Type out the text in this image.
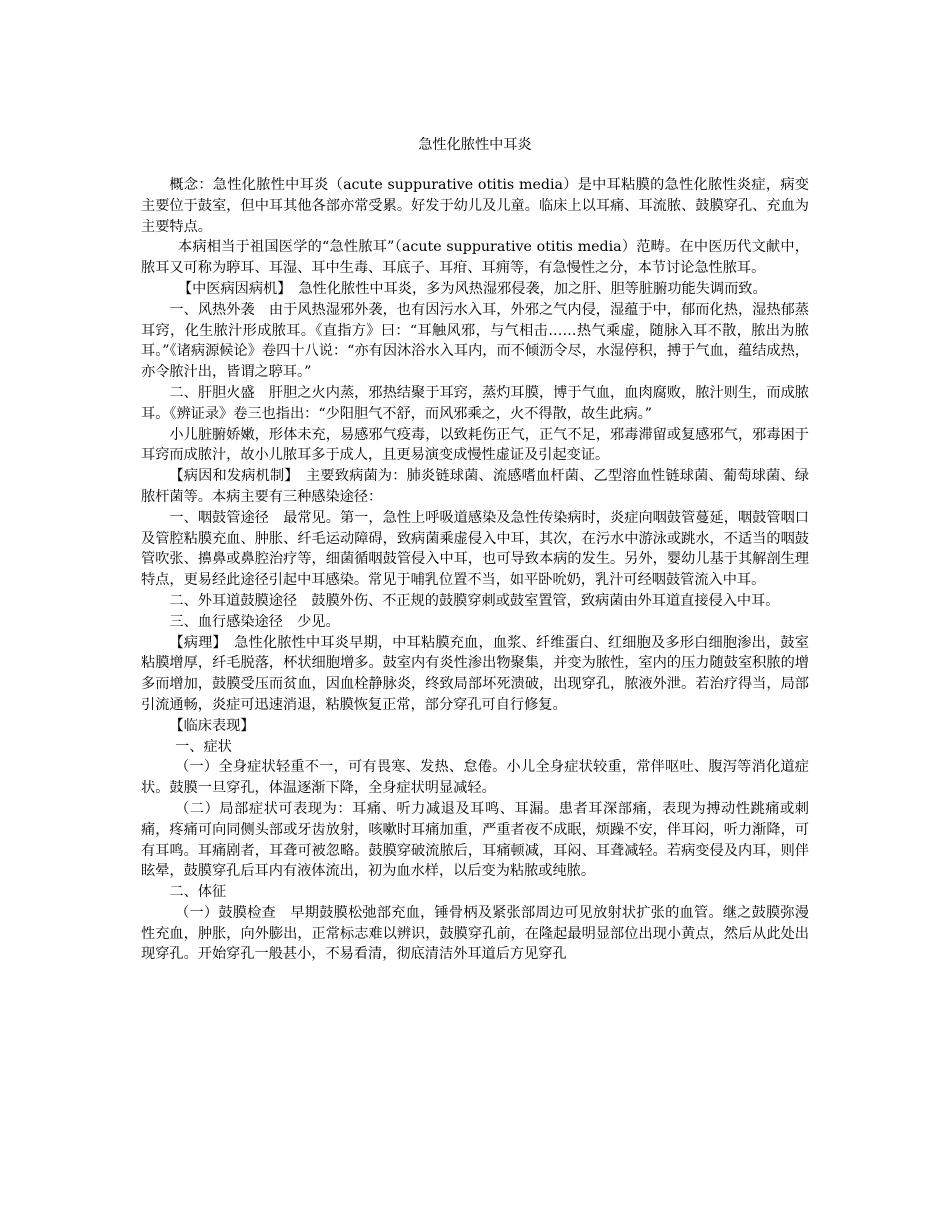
急性化脓性中耳炎

概念：急性化脓性中耳炎（acute suppurative otitis media）是中耳粘膜的急性化脓性炎症，病变主要位于鼓室，但中耳其他各部亦常受累。好发于幼儿及儿童。临床上以耳痛、耳流脓、鼓膜穿孔、充血为主要特点。

本病相当于祖国医学的“急性脓耳”（acute suppurative otitis media）范畴。在中医历代文献中，脓耳又可称为聤耳、耳湿、耳中生毒、耳底子、耳疳、耳痈等，有急慢性之分，本节讨论急性脓耳。

【中医病因病机】　急性化脓性中耳炎，多为风热湿邪侵袭，加之肝、胆等脏腑功能失调而致。

一、风热外袭　由于风热湿邪外袭，也有因污水入耳，外邪之气内侵，湿蕴于中，郁而化热，湿热郁蒸耳窍，化生脓汁形成脓耳。《直指方》曰：“耳触风邪，与气相击……热气乘虚，随脉入耳不散，脓出为脓耳。”《诸病源候论》卷四十八说：“亦有因沐浴水入耳内，而不倾沥令尽，水湿停积，搏于气血，蕴结成热，亦令脓汁出，皆谓之聤耳。”

二、肝胆火盛　肝胆之火内蒸，邪热结聚于耳窍，蒸灼耳膜，博于气血，血肉腐败，脓汁则生，而成脓耳。《辨证录》卷三也指出：“少阳胆气不舒，而风邪乘之，火不得散，故生此病。”

小儿脏腑娇嫩，形体未充，易感邪气疫毒，以致耗伤正气，正气不足，邪毒滞留或复感邪气，邪毒困于耳窍而成脓汁，故小儿脓耳多于成人，且更易演变成慢性虚证及引起变证。

【病因和发病机制】　主要致病菌为：肺炎链球菌、流感嗜血杆菌、乙型溶血性链球菌、葡萄球菌、绿脓杆菌等。本病主要有三种感染途径：

一、咽鼓管途径　最常见。第一，急性上呼吸道感染及急性传染病时，炎症向咽鼓管蔓延，咽鼓管咽口及管腔粘膜充血、肿胀、纤毛运动障碍，致病菌乘虚侵入中耳，其次，在污水中游泳或跳水，不适当的咽鼓管吹张、擤鼻或鼻腔治疗等，细菌循咽鼓管侵入中耳，也可导致本病的发生。另外，婴幼儿基于其解剖生理特点，更易经此途径引起中耳感染。常见于哺乳位置不当，如平卧吮奶，乳汁可经咽鼓管流入中耳。

二、外耳道鼓膜途径　鼓膜外伤、不正规的鼓膜穿刺或鼓室置管，致病菌由外耳道直接侵入中耳。

三、血行感染途径　少见。

【病理】　急性化脓性中耳炎早期，中耳粘膜充血，血浆、纤维蛋白、红细胞及多形白细胞渗出，鼓室粘膜增厚，纤毛脱落，杯状细胞增多。鼓室内有炎性渗出物聚集，并变为脓性，室内的压力随鼓室积脓的增多而增加，鼓膜受压而贫血，因血栓静脉炎，终致局部坏死溃破，出现穿孔，脓液外泄。若治疗得当，局部引流通畅，炎症可迅速消退，粘膜恢复正常，部分穿孔可自行修复。

【临床表现】

一、症状

（一）全身症状轻重不一，可有畏寒、发热、怠倦。小儿全身症状较重，常伴呕吐、腹泻等消化道症状。鼓膜一旦穿孔，体温逐渐下降，全身症状明显减轻。

（二）局部症状可表现为：耳痛、听力减退及耳鸣、耳漏。患者耳深部痛，表现为搏动性跳痛或刺痛，疼痛可向同侧头部或牙齿放射，咳嗽时耳痛加重，严重者夜不成眠，烦躁不安，伴耳闷，听力渐降，可有耳鸣。耳痛剧者，耳聋可被忽略。鼓膜穿破流脓后，耳痛顿减，耳闷、耳聋减轻。若病变侵及内耳，则伴眩晕，鼓膜穿孔后耳内有液体流出，初为血水样，以后变为粘脓或纯脓。

二、体征

（一）鼓膜检查　早期鼓膜松弛部充血，锤骨柄及紧张部周边可见放射状扩张的血管。继之鼓膜弥漫性充血，肿胀，向外膨出，正常标志难以辨识，鼓膜穿孔前，在隆起最明显部位出现小黄点，然后从此处出现穿孔。开始穿孔一般甚小，不易看清，彻底清洁外耳道后方见穿孔
